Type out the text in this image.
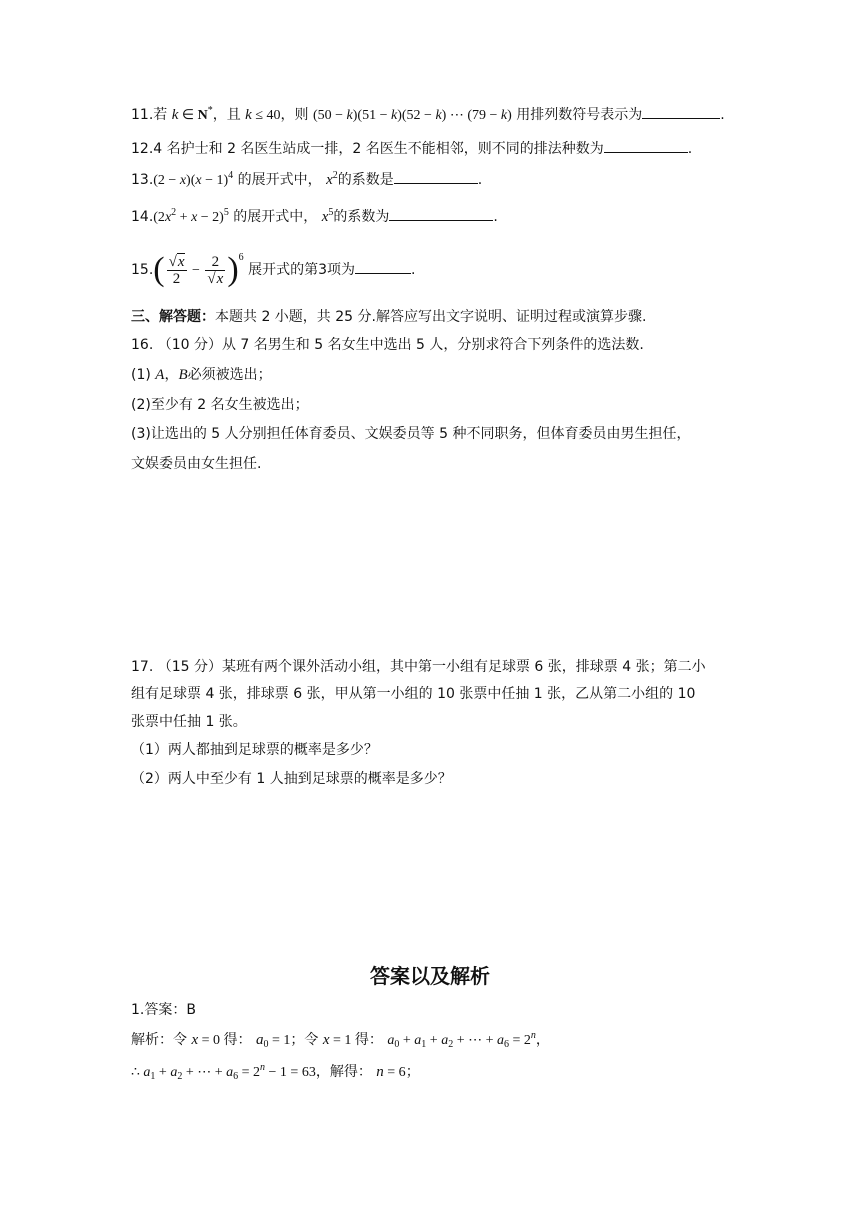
11.若 k ∈ N*，且 k ≤ 40，则 (50 − k)(51 − k)(52 − k) ⋯ (79 − k) 用排列数符号表示为	.
12.4 名护士和 2 名医生站成一排，2 名医生不能相邻，则不同的排法种数为	.
$13.(2 - x)(x - 1)^4$ 的展开式中， $x^2$的系数是	.
$14.(2x^2 + x - 2)^5$ 的展开式中， $x^5$的系数为	.
$15.( \frac{√x}{2} - \frac{2}{√x} )^6$ 展开式的第3项为	.
三、解答题：本题共 2 小题，共 25 分.解答应写出文字说明、证明过程或演算步骤.
16. （10 分）从 7 名男生和 5 名女生中选出 5 人，分别求符合下列条件的选法数.
(1) A，B必须被选出；
(2)至少有 2 名女生被选出；
(3)让选出的 5 人分别担任体育委员、文娱委员等 5 种不同职务，但体育委员由男生担任，
文娱委员由女生担任.
17. （15 分）某班有两个课外活动小组，其中第一小组有足球票 6 张，排球票 4 张；第二小
组有足球票 4 张，排球票 6 张，甲从第一小组的 10 张票中任抽 1 张，乙从第二小组的 10
张票中任抽 1 张。
（1）两人都抽到足球票的概率是多少？
（2）两人中至少有 1 人抽到足球票的概率是多少？
答案以及解析
1.答案：B
解析：令 x = 0 得： $a_0 = 1$；令 x = 1 得： $a_0 + a_1 + a_2$ + ⋯ + $a_6 = 2^n$，
∴ $a_1 + a_2$ + ⋯ + $a_6 = 2^n - 1 = 63$，解得： n = 6；
